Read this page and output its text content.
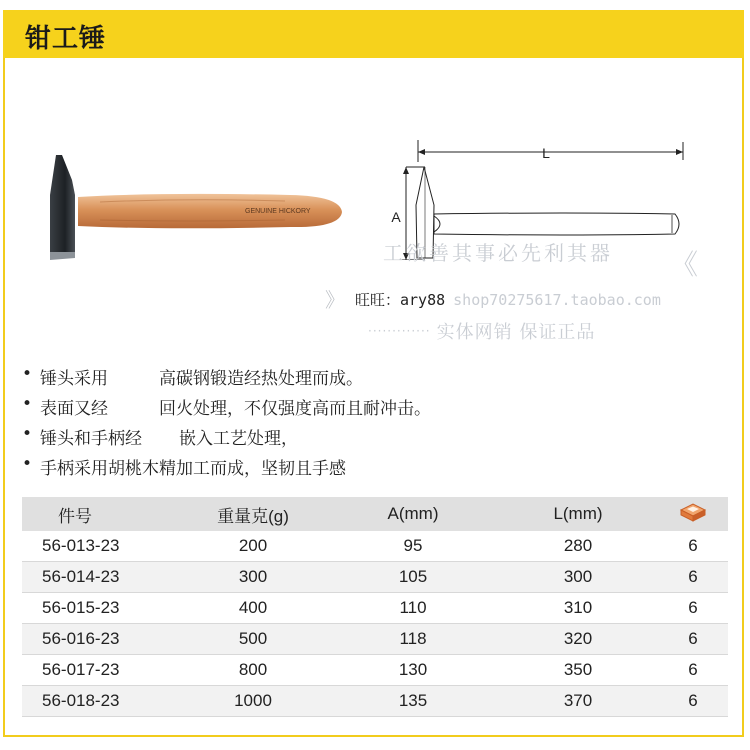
钳工锤
GENUINE HICKORY
L
A
工欲善其事必先利其器 《
》 旺旺：ary88 shop70275617.taobao.com
············· 实体网销 保证正品
• 锤头采用	高碳钢锻造经热处理而成。
• 表面又经	回火处理，不仅强度高而且耐冲击。
• 锤头和手柄经 嵌入工艺处理，
• 手柄采用胡桃木 精加工而成，坚韧且手感
件号	重量克(g)	A(mm)	L(mm)	
56-013-23	200	95	280	6
56-014-23	300	105	300	6
56-015-23	400	110	310	6
56-016-23	500	118	320	6
56-017-23	800	130	350	6
56-018-23	1000	135	370	6
